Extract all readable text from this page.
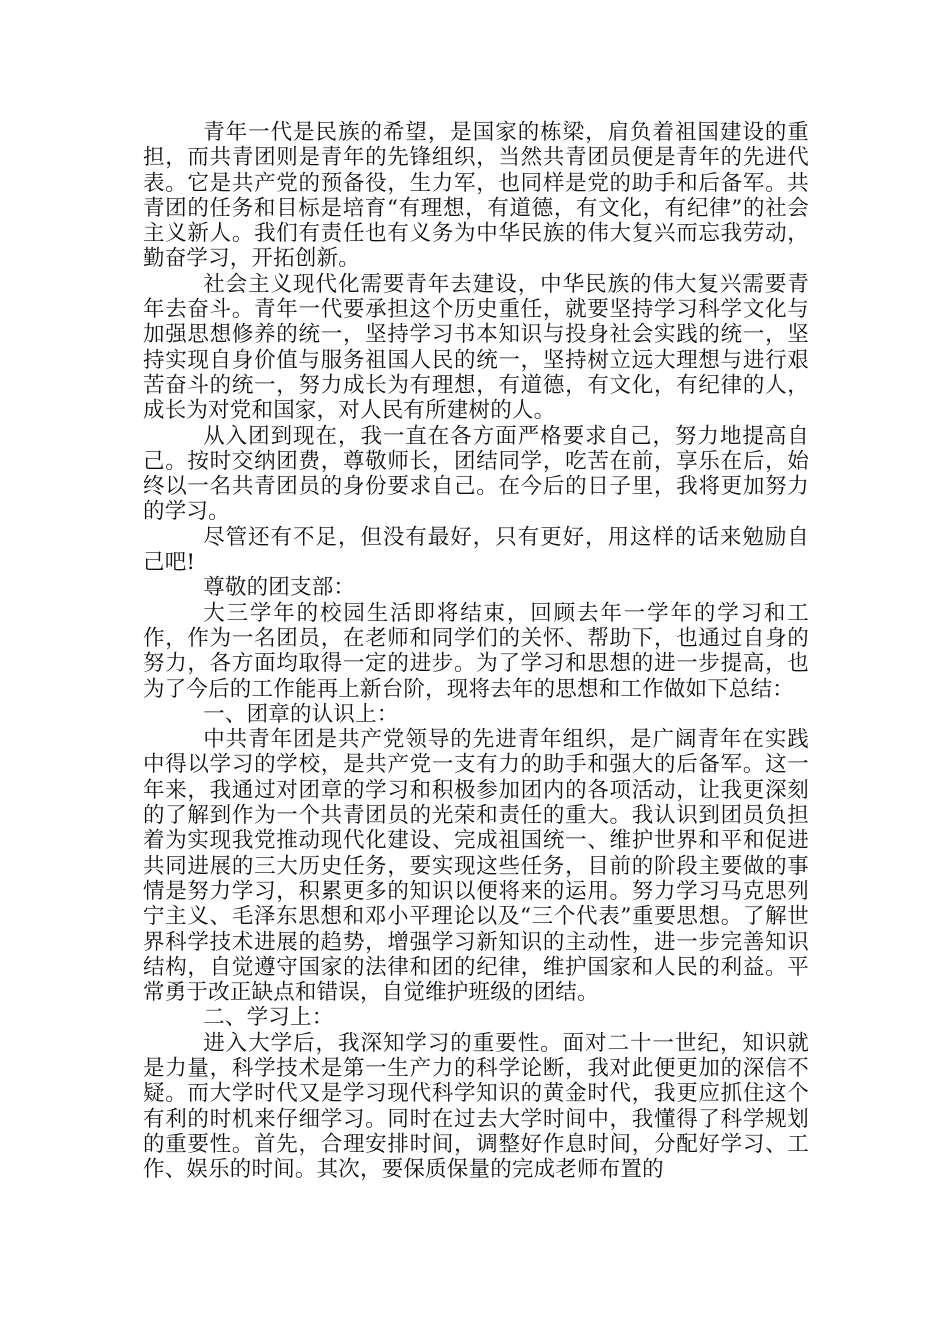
青年一代是民族的希望，是国家的栋梁，肩负着祖国建设的重担，而共青团则是青年的先锋组织，当然共青团员便是青年的先进代表。它是共产党的预备役，生力军，也同样是党的助手和后备军。共青团的任务和目标是培育“有理想，有道德，有文化，有纪律”的社会主义新人。我们有责任也有义务为中华民族的伟大复兴而忘我劳动，勤奋学习，开拓创新。

社会主义现代化需要青年去建设，中华民族的伟大复兴需要青年去奋斗。青年一代要承担这个历史重任，就要坚持学习科学文化与加强思想修养的统一，坚持学习书本知识与投身社会实践的统一，坚持实现自身价值与服务祖国人民的统一，坚持树立远大理想与进行艰苦奋斗的统一，努力成长为有理想，有道德，有文化，有纪律的人，成长为对党和国家，对人民有所建树的人。

从入团到现在，我一直在各方面严格要求自己，努力地提高自己。按时交纳团费，尊敬师长，团结同学，吃苦在前，享乐在后，始终以一名共青团员的身份要求自己。在今后的日子里，我将更加努力的学习。

尽管还有不足，但没有最好，只有更好，用这样的话来勉励自己吧!

尊敬的团支部：

大三学年的校园生活即将结束，回顾去年一学年的学习和工作，作为一名团员，在老师和同学们的关怀、帮助下，也通过自身的努力，各方面均取得一定的进步。为了学习和思想的进一步提高，也为了今后的工作能再上新台阶，现将去年的思想和工作做如下总结：

一、团章的认识上：

中共青年团是共产党领导的先进青年组织，是广阔青年在实践中得以学习的学校，是共产党一支有力的助手和强大的后备军。这一年来，我通过对团章的学习和积极参加团内的各项活动，让我更深刻的了解到作为一个共青团员的光荣和责任的重大。我认识到团员负担着为实现我党推动现代化建设、完成祖国统一、维护世界和平和促进共同进展的三大历史任务，要实现这些任务，目前的阶段主要做的事情是努力学习，积累更多的知识以便将来的运用。努力学习马克思列宁主义、毛泽东思想和邓小平理论以及“三个代表”重要思想。了解世界科学技术进展的趋势，增强学习新知识的主动性，进一步完善知识结构，自觉遵守国家的法律和团的纪律，维护国家和人民的利益。平常勇于改正缺点和错误，自觉维护班级的团结。

二、学习上：

进入大学后，我深知学习的重要性。面对二十一世纪，知识就是力量，科学技术是第一生产力的科学论断，我对此便更加的深信不疑。而大学时代又是学习现代科学知识的黄金时代，我更应抓住这个有利的时机来仔细学习。同时在过去大学时间中，我懂得了科学规划的重要性。首先，合理安排时间，调整好作息时间，分配好学习、工作、娱乐的时间。其次，要保质保量的完成老师布置的
